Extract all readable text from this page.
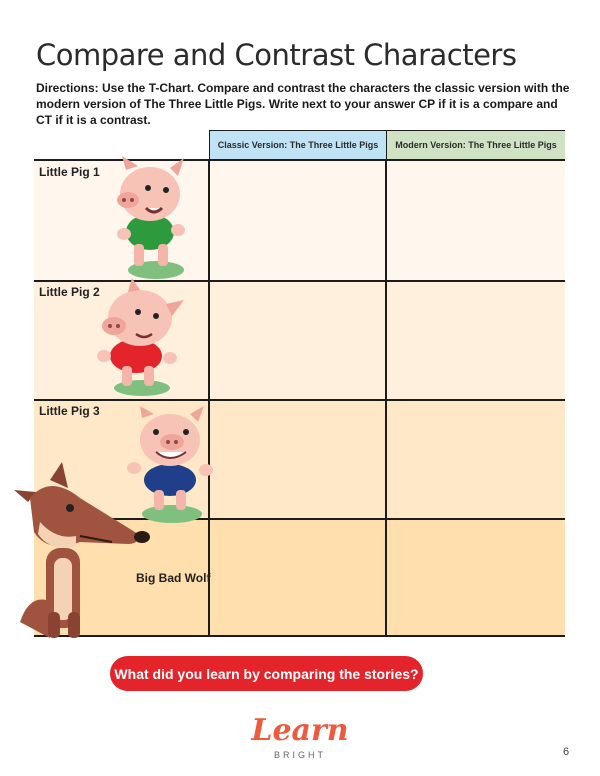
Compare and Contrast Characters
Directions: Use the T-Chart. Compare and contrast the characters the classic version with the modern version of The Three Little Pigs. Write next to your answer CP if it is a compare and CT if it is a contrast.
Classic Version: The Three Little Pigs	Modern Version: The Three Little Pigs
Little Pig 1
Little Pig 2
Little Pig 3
Big Bad Wolf
What did you learn by comparing the stories?
Learn
BRIGHT	6
